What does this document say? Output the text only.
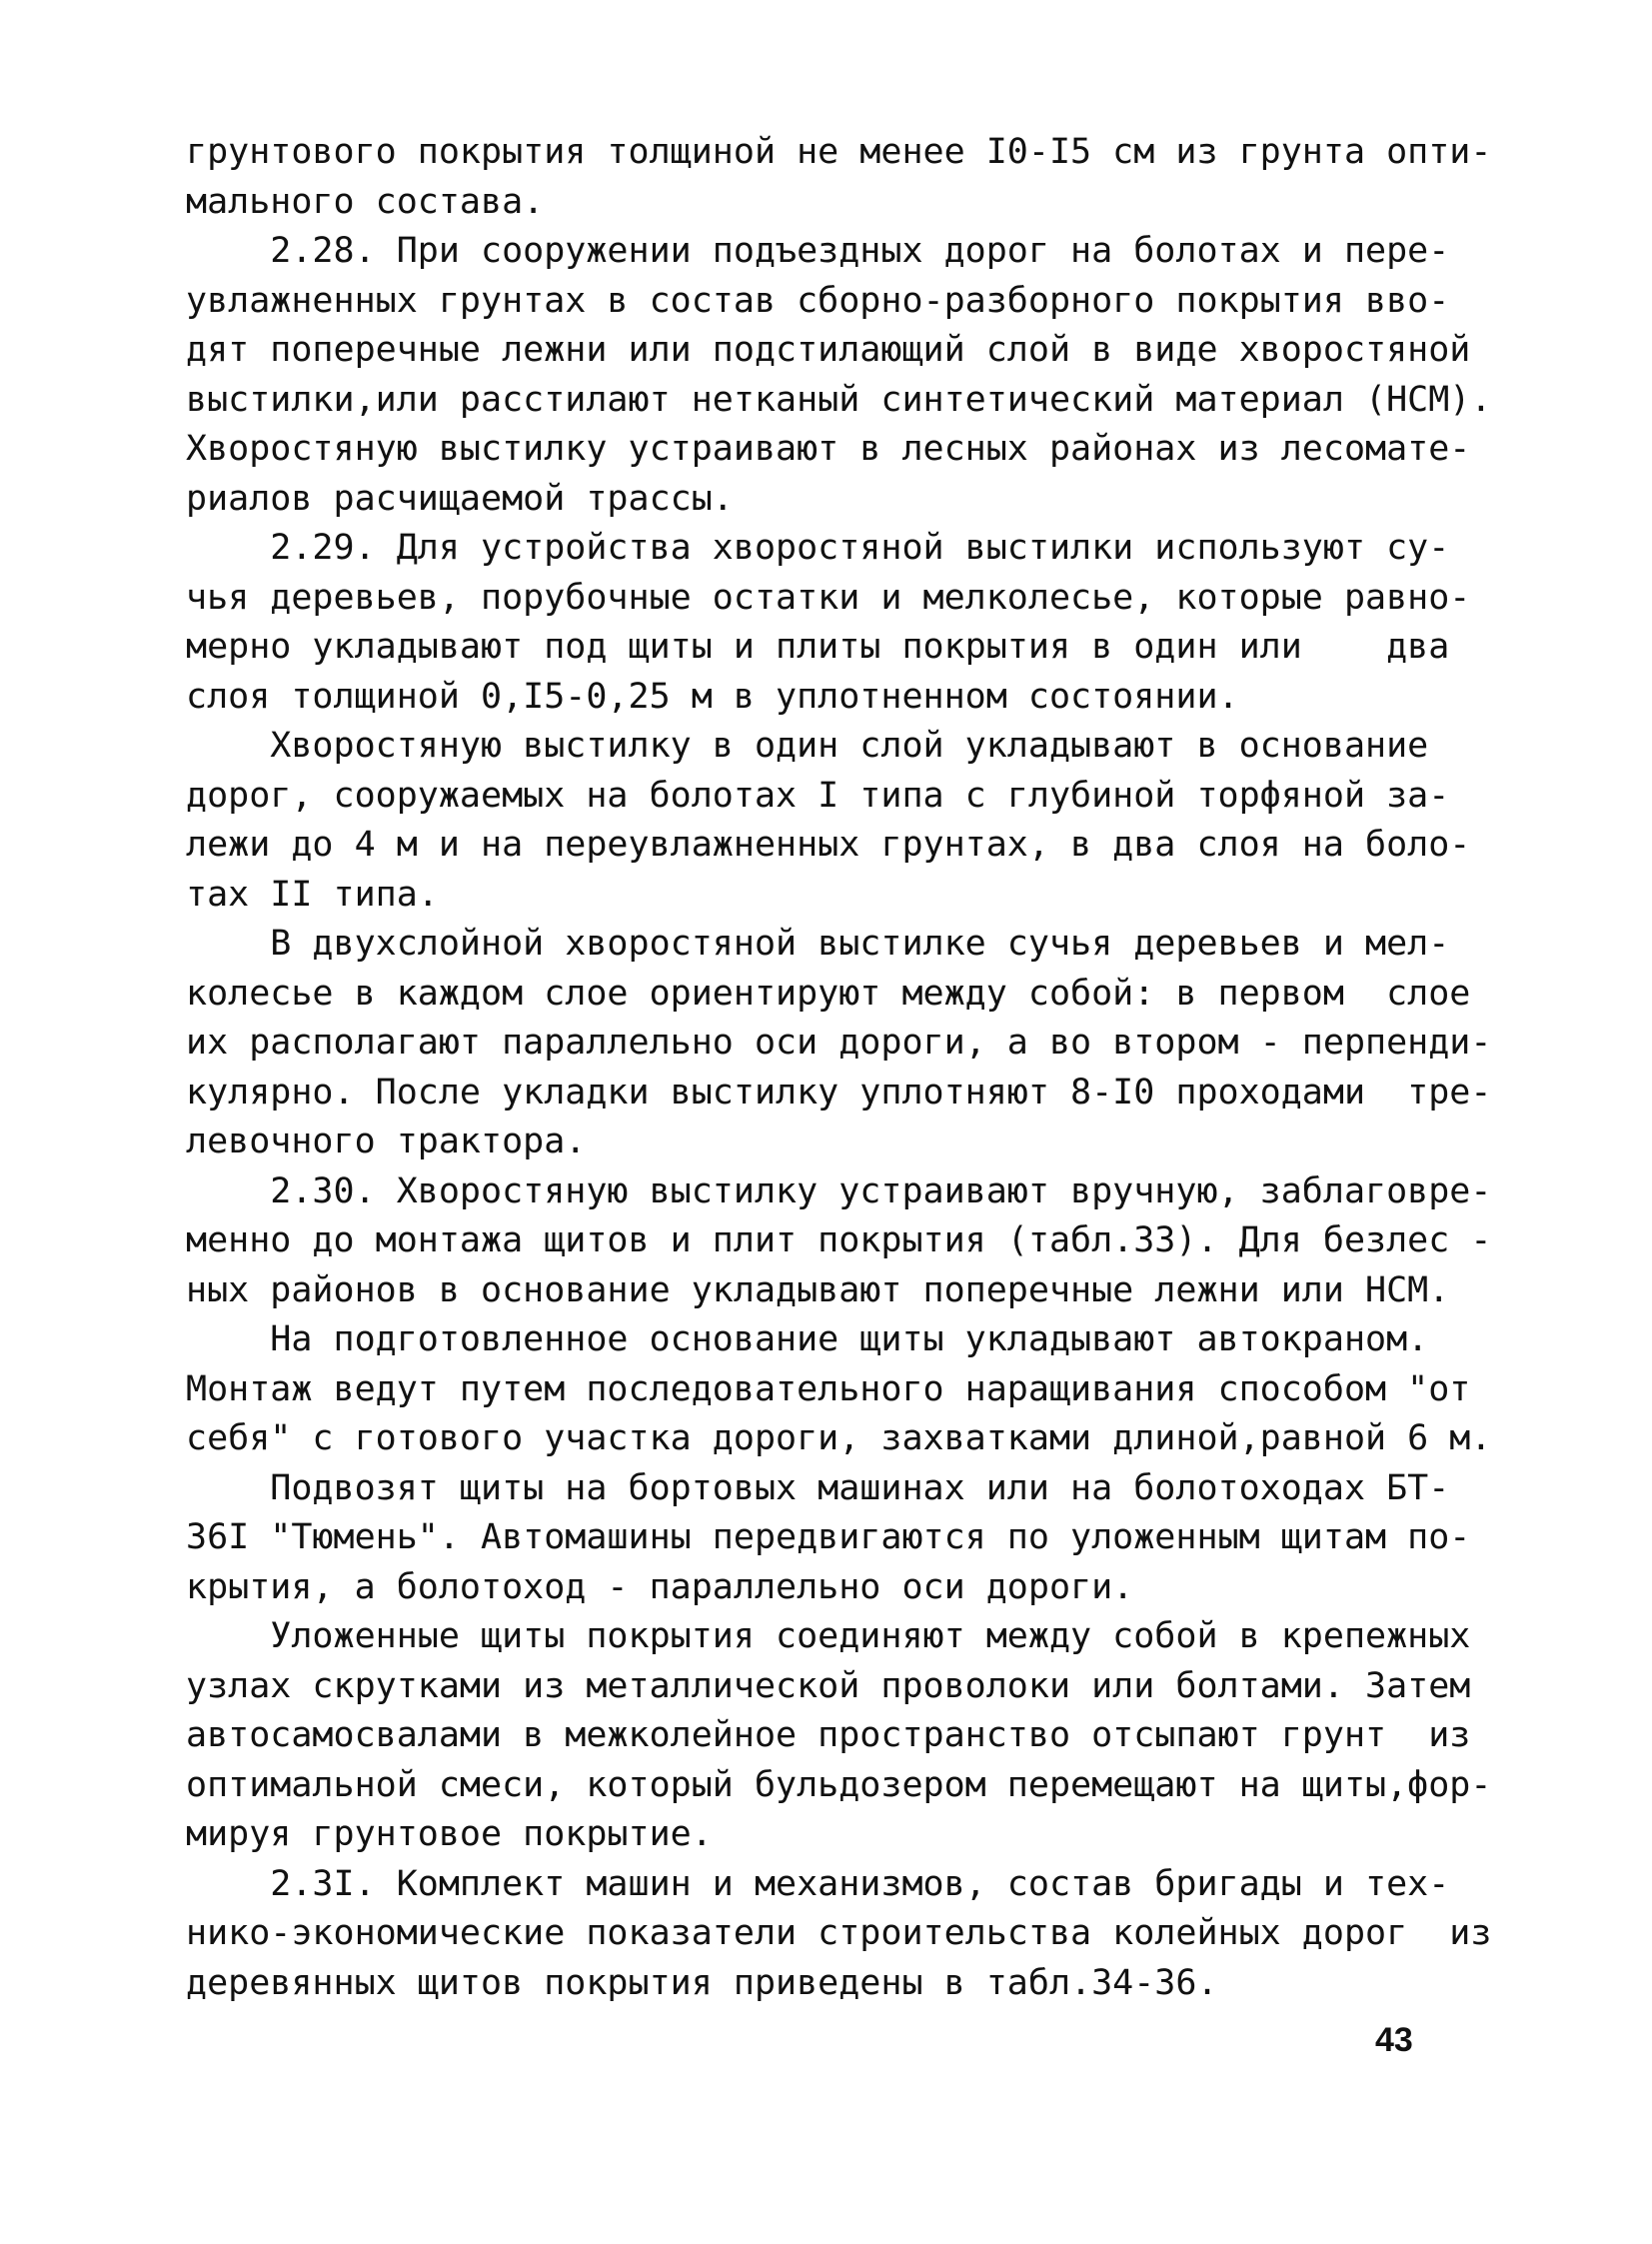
грунтового покрытия толщиной не менее I0-I5 см из грунта опти-
мального состава.
2.28. При сооружении подъездных дорог на болотах и пере-
увлажненных грунтах в состав сборно-разборного покрытия вво-
дят поперечные лежни или подстилающий слой в виде хворостяной
выстилки,или расстилают нетканый синтетический материал (НСМ).
Хворостяную выстилку устраивают в лесных районах из лесомате-
риалов расчищаемой трассы.
2.29. Для устройства хворостяной выстилки используют су-
чья деревьев, порубочные остатки и мелколесье, которые равно-
мерно укладывают под щиты и плиты покрытия в один или    два
слоя толщиной 0,I5-0,25 м в уплотненном состоянии.
Хворостяную выстилку в один слой укладывают в основание
дорог, сооружаемых на болотах I типа с глубиной торфяной за-
лежи до 4 м и на переувлажненных грунтах, в два слоя на боло-
тах II типа.
В двухслойной хворостяной выстилке сучья деревьев и мел-
колесье в каждом слое ориентируют между собой: в первом  слое
их располагают параллельно оси дороги, а во втором - перпенди-
кулярно. После укладки выстилку уплотняют 8-I0 проходами  тре-
левочного трактора.
2.30. Хворостяную выстилку устраивают вручную, заблаговре-
менно до монтажа щитов и плит покрытия (табл.33). Для безлес -
ных районов в основание укладывают поперечные лежни или НСМ.
На подготовленное основание щиты укладывают автокраном.
Монтаж ведут путем последовательного наращивания способом "от
себя" с готового участка дороги, захватками длиной,равной 6 м.
Подвозят щиты на бортовых машинах или на болотоходах БТ-
36I "Тюмень". Автомашины передвигаются по уложенным щитам по-
крытия, а болотоход - параллельно оси дороги.
Уложенные щиты покрытия соединяют между собой в крепежных
узлах скрутками из металлической проволоки или болтами. Затем
автосамосвалами в межколейное пространство отсыпают грунт  из
оптимальной смеси, который бульдозером перемещают на щиты,фор-
мируя грунтовое покрытие.
2.3I. Комплект машин и механизмов, состав бригады и тех-
нико-экономические показатели строительства колейных дорог  из
деревянных щитов покрытия приведены в табл.34-36.
43
